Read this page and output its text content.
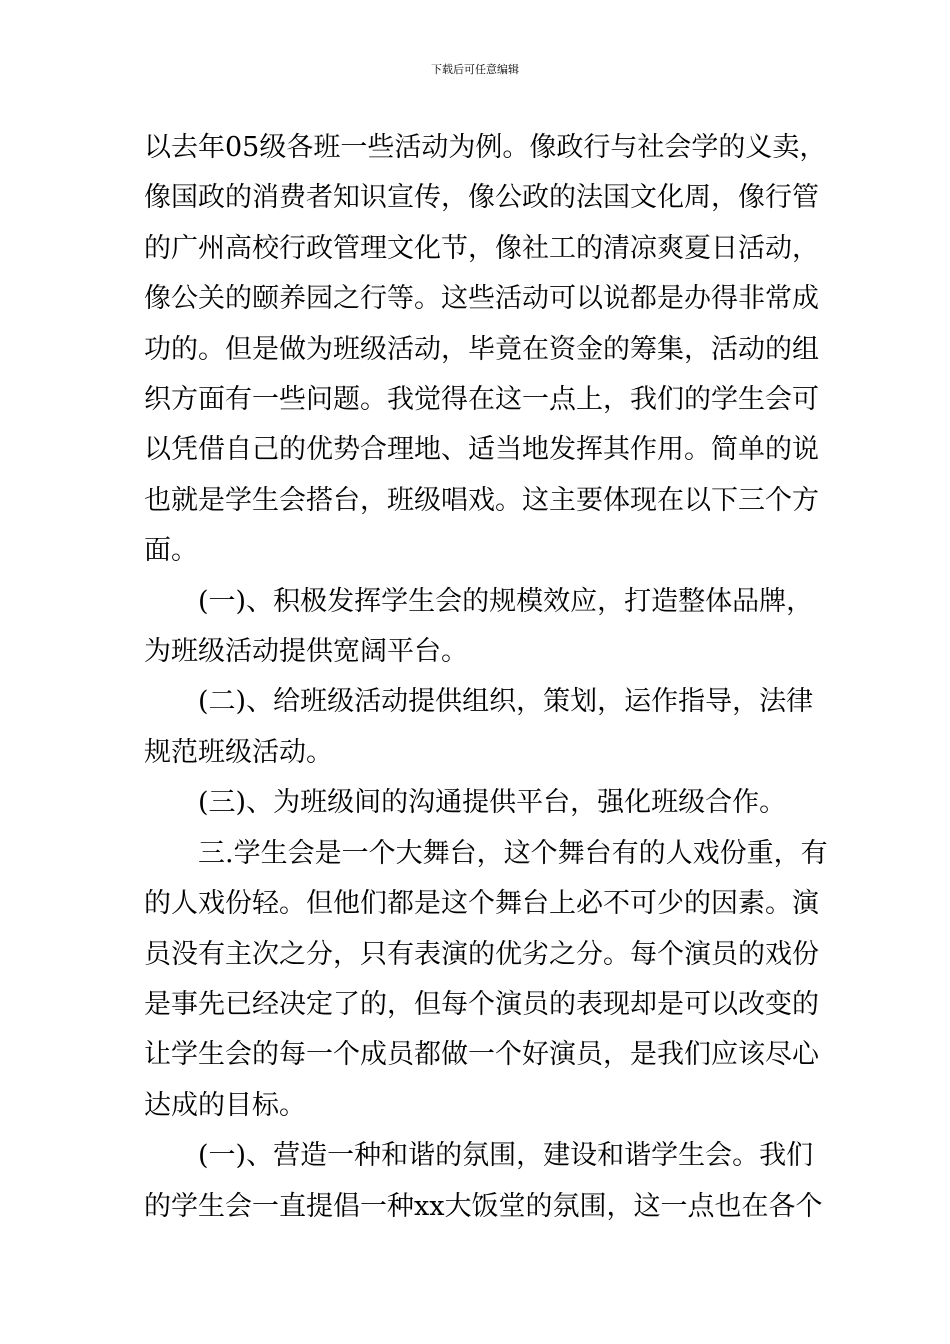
下载后可任意编辑

以去年05级各班一些活动为例。像政行与社会学的义卖，

像国政的消费者知识宣传，像公政的法国文化周，像行管

的广州高校行政管理文化节，像社工的清凉爽夏日活动，

像公关的颐养园之行等。这些活动可以说都是办得非常成

功的。但是做为班级活动，毕竟在资金的筹集，活动的组

织方面有一些问题。我觉得在这一点上，我们的学生会可

以凭借自己的优势合理地、适当地发挥其作用。简单的说

也就是学生会搭台，班级唱戏。这主要体现在以下三个方

面。

(一)、积极发挥学生会的规模效应，打造整体品牌，

为班级活动提供宽阔平台。

(二)、给班级活动提供组织，策划，运作指导，法律

规范班级活动。

(三)、为班级间的沟通提供平台，强化班级合作。

三.学生会是一个大舞台，这个舞台有的人戏份重，有

的人戏份轻。但他们都是这个舞台上必不可少的因素。演

员没有主次之分，只有表演的优劣之分。每个演员的戏份

是事先已经决定了的，但每个演员的表现却是可以改变的

让学生会的每一个成员都做一个好演员，是我们应该尽心

达成的目标。

(一)、营造一种和谐的氛围，建设和谐学生会。我们

的学生会一直提倡一种xx大饭堂的氛围，这一点也在各个
